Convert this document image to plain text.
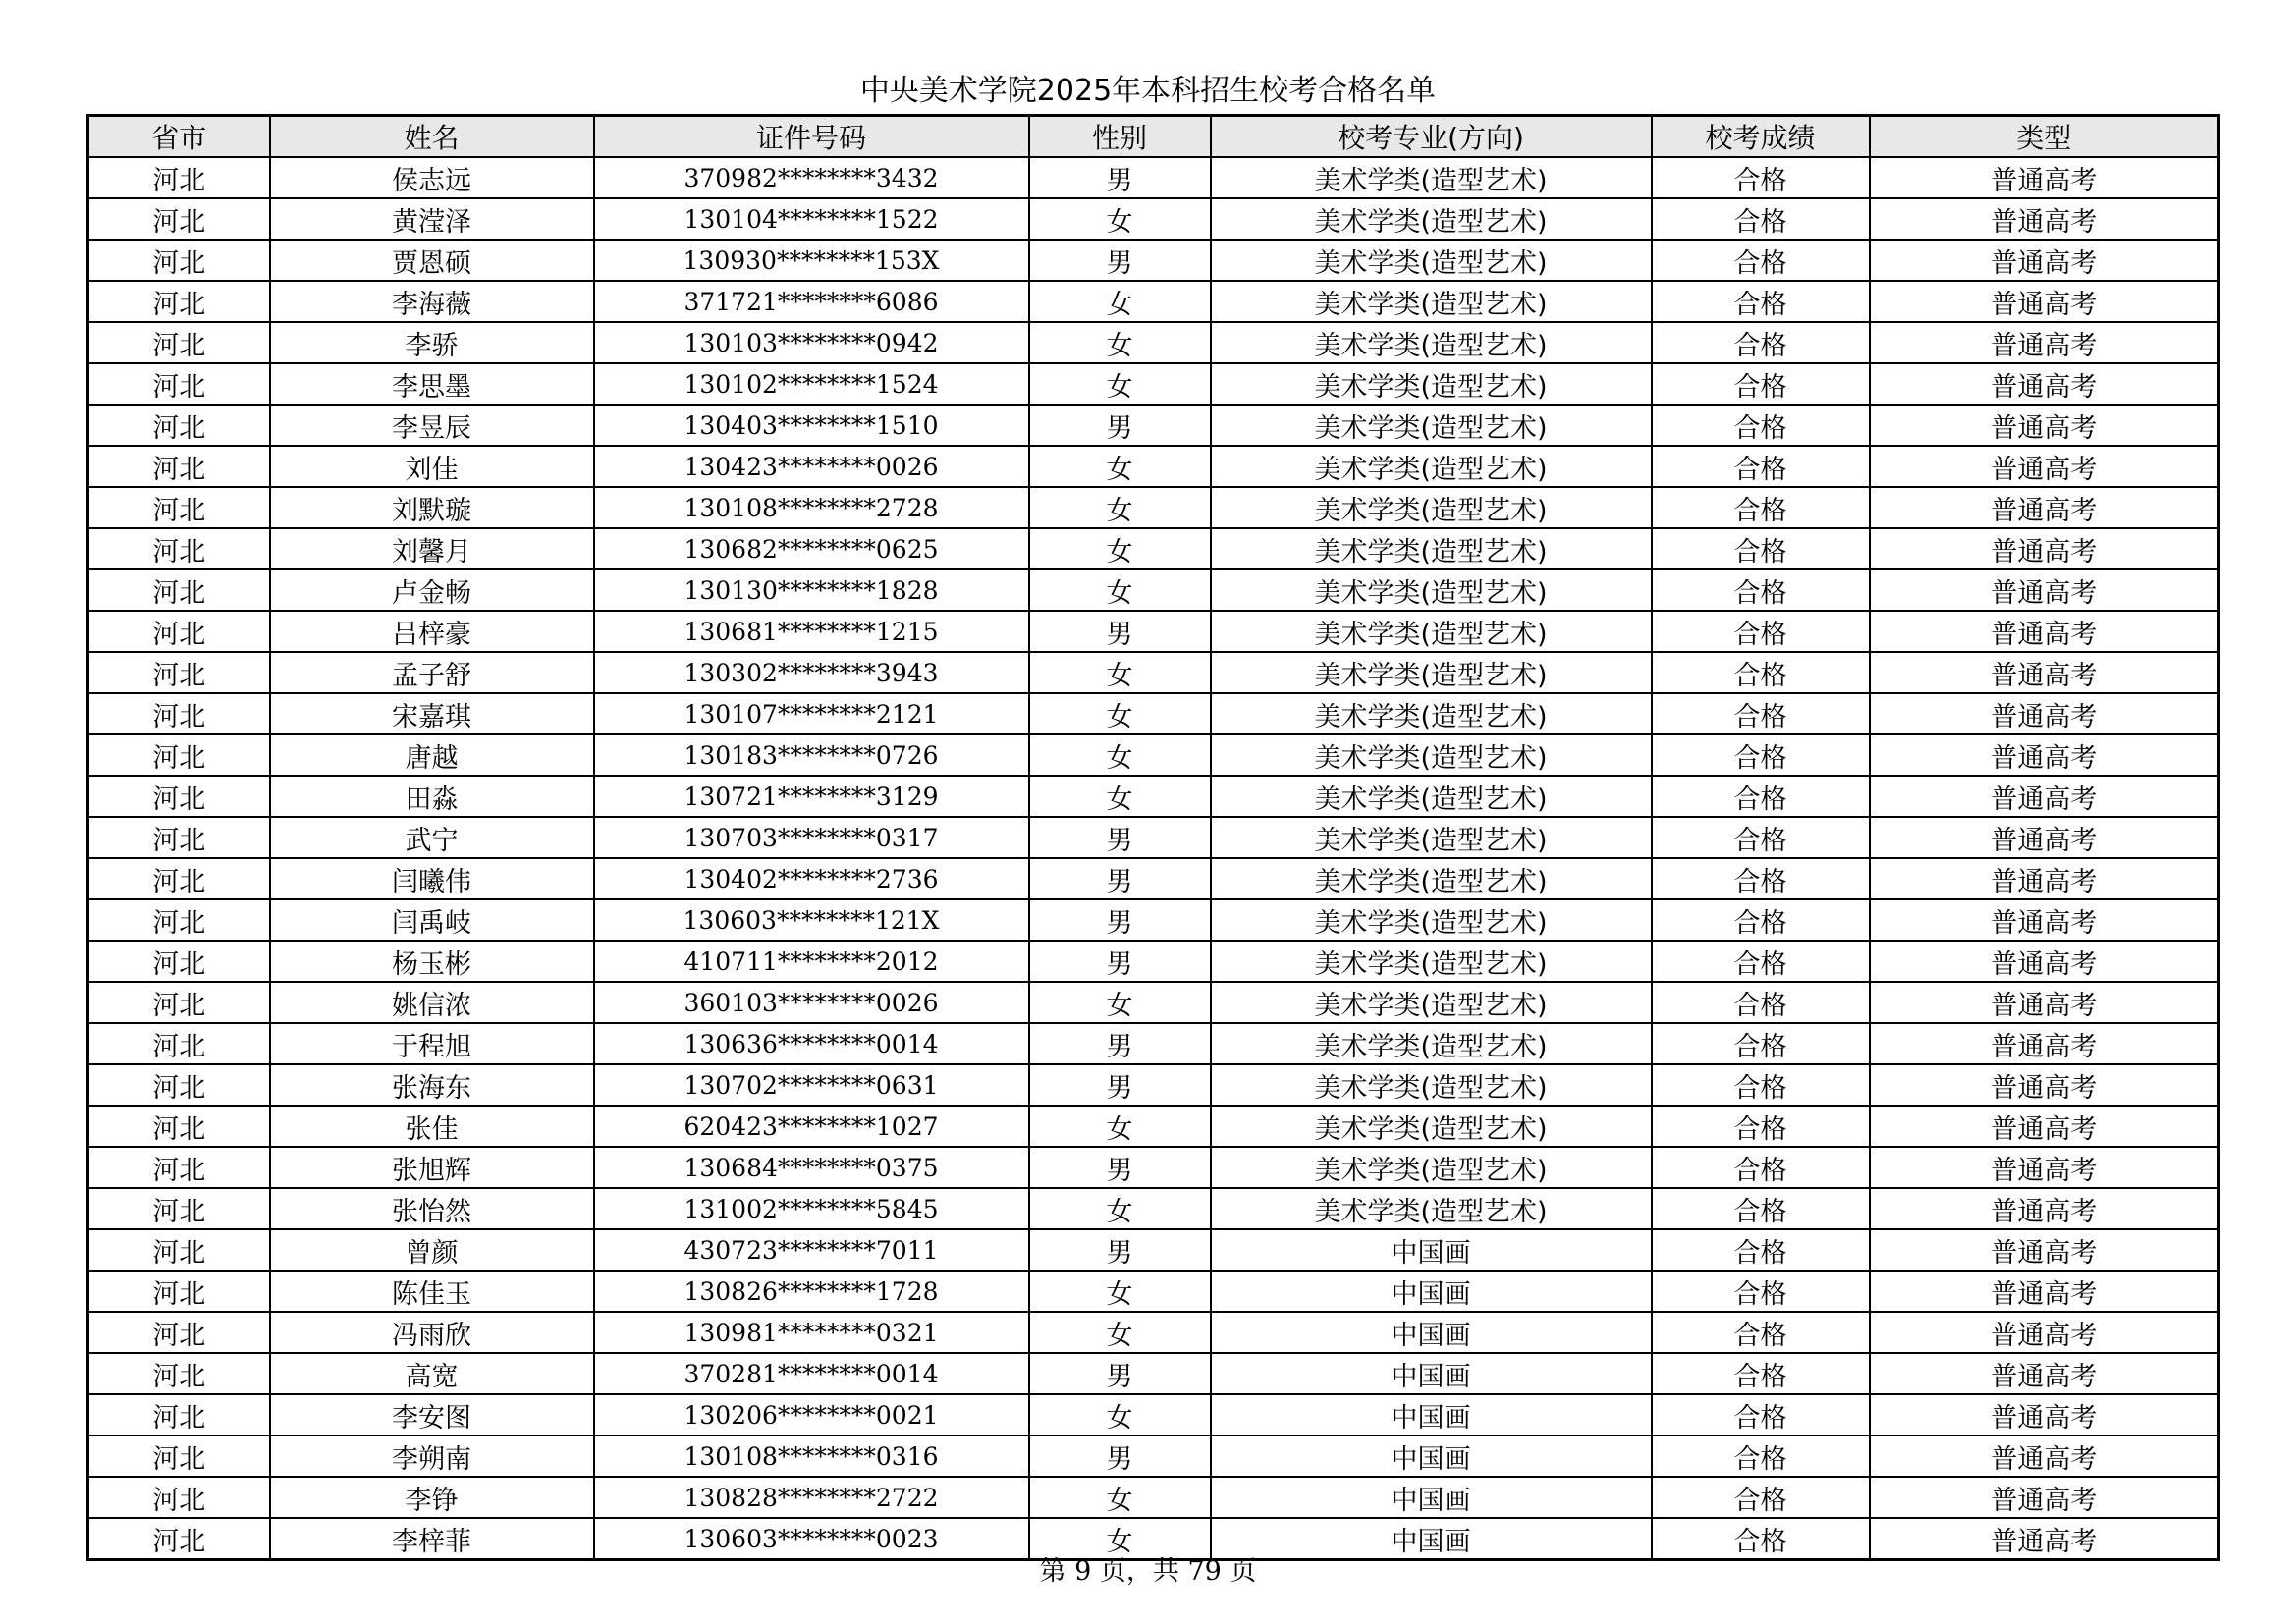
中央美术学院2025年本科招生校考合格名单
省市	姓名	证件号码	性别	校考专业(方向)	校考成绩	类型
河北	侯志远	370982********3432	男	美术学类(造型艺术)	合格	普通高考
河北	黄滢泽	130104********1522	女	美术学类(造型艺术)	合格	普通高考
河北	贾恩硕	130930********153X	男	美术学类(造型艺术)	合格	普通高考
河北	李海薇	371721********6086	女	美术学类(造型艺术)	合格	普通高考
河北	李骄	130103********0942	女	美术学类(造型艺术)	合格	普通高考
河北	李思墨	130102********1524	女	美术学类(造型艺术)	合格	普通高考
河北	李昱辰	130403********1510	男	美术学类(造型艺术)	合格	普通高考
河北	刘佳	130423********0026	女	美术学类(造型艺术)	合格	普通高考
河北	刘默璇	130108********2728	女	美术学类(造型艺术)	合格	普通高考
河北	刘馨月	130682********0625	女	美术学类(造型艺术)	合格	普通高考
河北	卢金畅	130130********1828	女	美术学类(造型艺术)	合格	普通高考
河北	吕梓豪	130681********1215	男	美术学类(造型艺术)	合格	普通高考
河北	孟子舒	130302********3943	女	美术学类(造型艺术)	合格	普通高考
河北	宋嘉琪	130107********2121	女	美术学类(造型艺术)	合格	普通高考
河北	唐越	130183********0726	女	美术学类(造型艺术)	合格	普通高考
河北	田淼	130721********3129	女	美术学类(造型艺术)	合格	普通高考
河北	武宁	130703********0317	男	美术学类(造型艺术)	合格	普通高考
河北	闫曦伟	130402********2736	男	美术学类(造型艺术)	合格	普通高考
河北	闫禹岐	130603********121X	男	美术学类(造型艺术)	合格	普通高考
河北	杨玉彬	410711********2012	男	美术学类(造型艺术)	合格	普通高考
河北	姚信浓	360103********0026	女	美术学类(造型艺术)	合格	普通高考
河北	于程旭	130636********0014	男	美术学类(造型艺术)	合格	普通高考
河北	张海东	130702********0631	男	美术学类(造型艺术)	合格	普通高考
河北	张佳	620423********1027	女	美术学类(造型艺术)	合格	普通高考
河北	张旭辉	130684********0375	男	美术学类(造型艺术)	合格	普通高考
河北	张怡然	131002********5845	女	美术学类(造型艺术)	合格	普通高考
河北	曾颜	430723********7011	男	中国画	合格	普通高考
河北	陈佳玉	130826********1728	女	中国画	合格	普通高考
河北	冯雨欣	130981********0321	女	中国画	合格	普通高考
河北	高宽	370281********0014	男	中国画	合格	普通高考
河北	李安图	130206********0021	女	中国画	合格	普通高考
河北	李朔南	130108********0316	男	中国画	合格	普通高考
河北	李铮	130828********2722	女	中国画	合格	普通高考
河北	李梓菲	130603********0023	女	中国画	合格	普通高考
第 9 页，共 79 页
